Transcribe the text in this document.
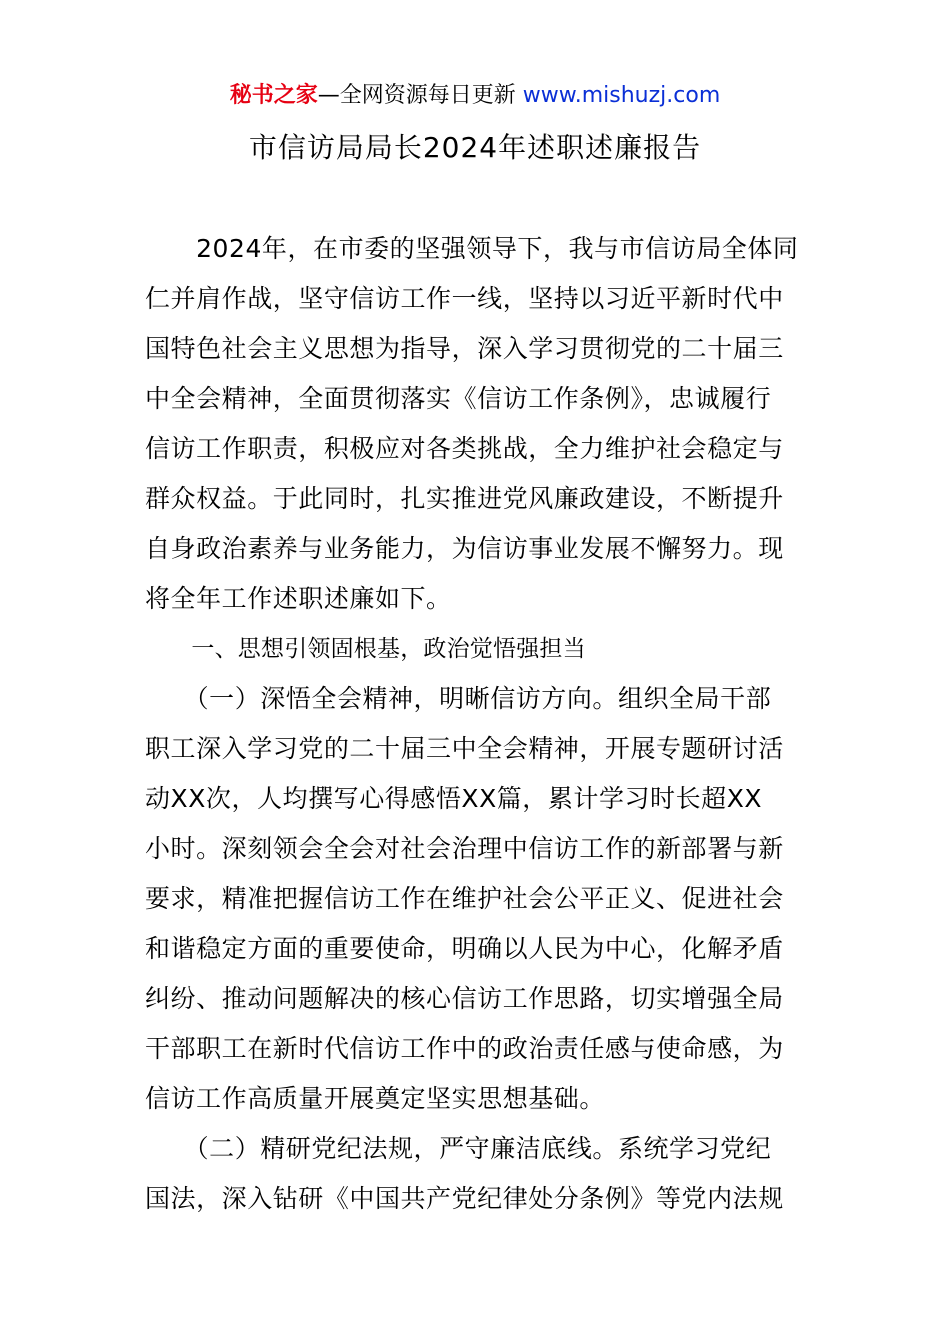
秘书之家—全网资源每日更新 www.mishuzj.com
市信访局局长2024年述职述廉报告
　　2024年，在市委的坚强领导下，我与市信访局全体同
仁并肩作战，坚守信访工作一线，坚持以习近平新时代中
国特色社会主义思想为指导，深入学习贯彻党的二十届三
中全会精神，全面贯彻落实《信访工作条例》，忠诚履行
信访工作职责，积极应对各类挑战，全力维护社会稳定与
群众权益。于此同时，扎实推进党风廉政建设，不断提升
自身政治素养与业务能力，为信访事业发展不懈努力。现
将全年工作述职述廉如下。
　　一、思想引领固根基，政治觉悟强担当
　　（一）深悟全会精神，明晰信访方向。组织全局干部
职工深入学习党的二十届三中全会精神，开展专题研讨活
动XX次，人均撰写心得感悟XX篇，累计学习时长超XX
小时。深刻领会全会对社会治理中信访工作的新部署与新
要求，精准把握信访工作在维护社会公平正义、促进社会
和谐稳定方面的重要使命，明确以人民为中心，化解矛盾
纠纷、推动问题解决的核心信访工作思路，切实增强全局
干部职工在新时代信访工作中的政治责任感与使命感，为
信访工作高质量开展奠定坚实思想基础。
　　（二）精研党纪法规，严守廉洁底线。系统学习党纪
国法，深入钻研《中国共产党纪律处分条例》等党内法规
